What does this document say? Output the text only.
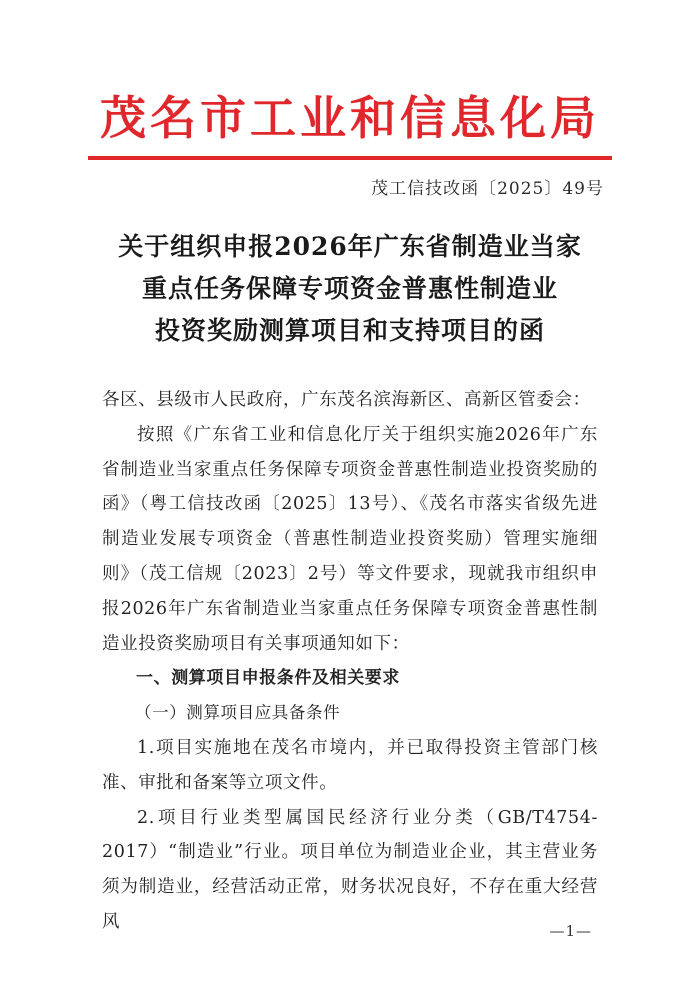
茂名市工业和信息化局
茂工信技改函〔2025〕49号
关于组织申报2026年广东省制造业当家
重点任务保障专项资金普惠性制造业
投资奖励测算项目和支持项目的函

各区、县级市人民政府，广东茂名滨海新区、高新区管委会：

按照《广东省工业和信息化厅关于组织实施2026年广东省制造业当家重点任务保障专项资金普惠性制造业投资奖励的函》（粤工信技改函〔2025〕13号）、《茂名市落实省级先进制造业发展专项资金（普惠性制造业投资奖励）管理实施细则》（茂工信规〔2023〕2号）等文件要求，现就我市组织申报2026年广东省制造业当家重点任务保障专项资金普惠性制造业投资奖励项目有关事项通知如下：

一、测算项目申报条件及相关要求

（一）测算项目应具备条件

1.项目实施地在茂名市境内，并已取得投资主管部门核准、审批和备案等立项文件。

2.项目行业类型属国民经济行业分类（GB/T4754-2017）“制造业”行业。项目单位为制造业企业，其主营业务须为制造业，经营活动正常，财务状况良好，不存在重大经营风	—1—
